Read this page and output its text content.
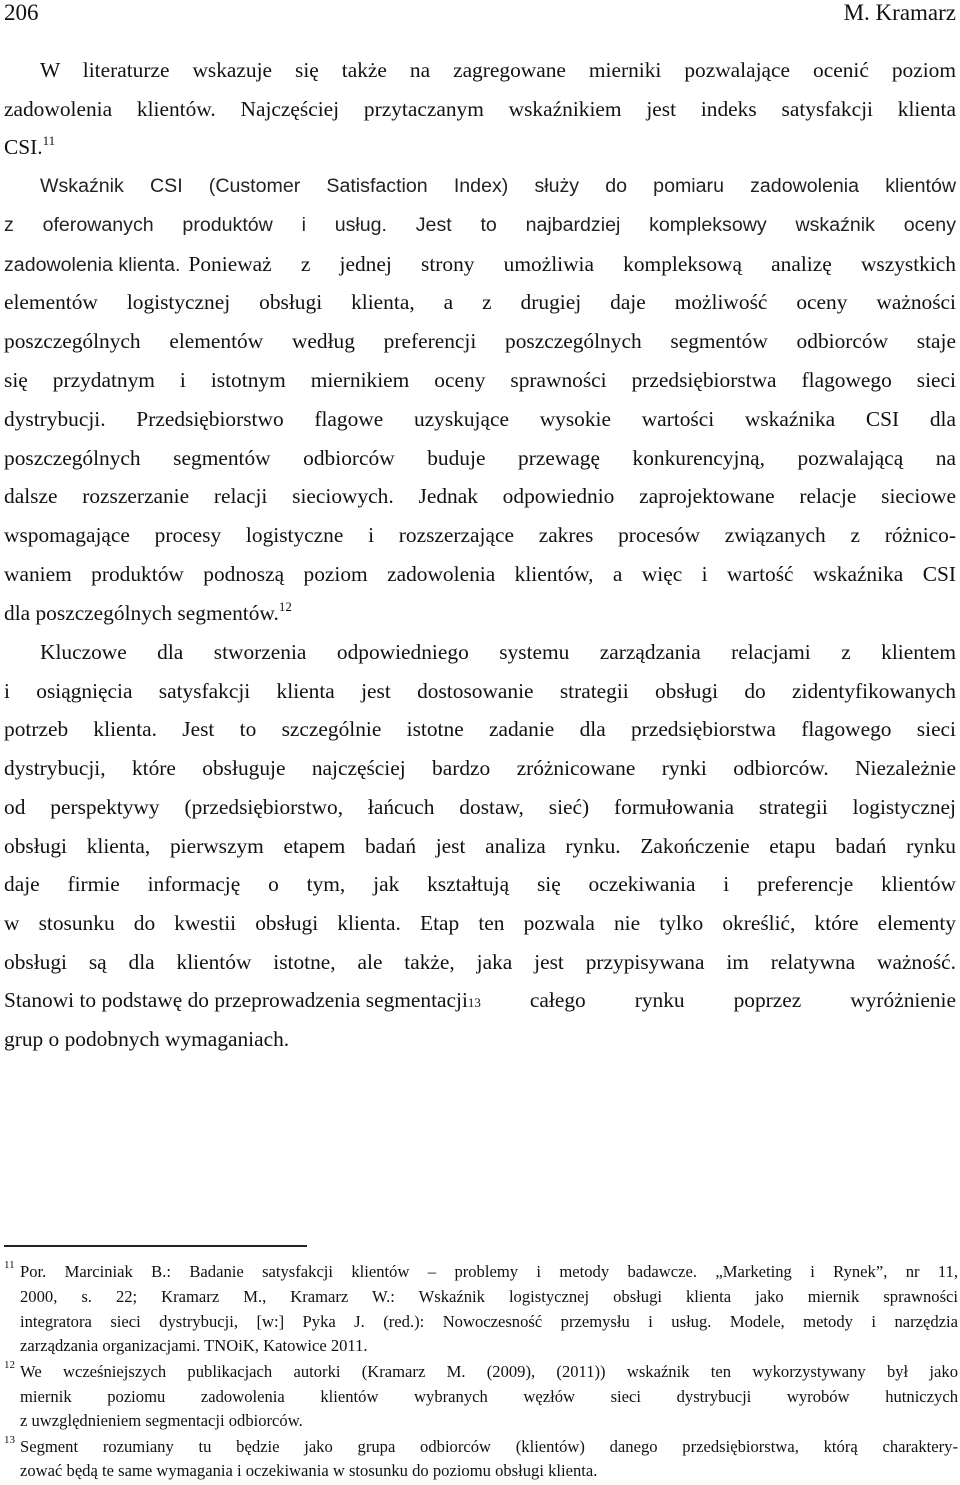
206	M. Kramarz
W literaturze wskazuje się także na zagregowane mierniki pozwalające ocenić poziom
zadowolenia klientów. Najczęściej przytaczanym wskaźnikiem jest indeks satysfakcji klienta
CSI.$^{11}$
Wskaźnik CSI (Customer Satisfaction Index) służy do pomiaru zadowolenia klientów
z oferowanych produktów i usług. Jest to najbardziej kompleksowy wskaźnik oceny
zadowolenia klienta. Ponieważ z jednej strony umożliwia kompleksową analizę wszystkich
elementów logistycznej obsługi klienta, a z drugiej daje możliwość oceny ważności
poszczególnych elementów według preferencji poszczególnych segmentów odbiorców staje
się przydatnym i istotnym miernikiem oceny sprawności przedsiębiorstwa flagowego sieci
dystrybucji. Przedsiębiorstwo flagowe uzyskujące wysokie wartości wskaźnika CSI dla
poszczególnych segmentów odbiorców buduje przewagę konkurencyjną, pozwalającą na
dalsze rozszerzanie relacji sieciowych. Jednak odpowiednio zaprojektowane relacje sieciowe
wspomagające procesy logistyczne i rozszerzające zakres procesów związanych z różnico-
waniem produktów podnoszą poziom zadowolenia klientów, a więc i wartość wskaźnika CSI
dla poszczególnych segmentów.$^{12}$
Kluczowe dla stworzenia odpowiedniego systemu zarządzania relacjami z klientem
i osiągnięcia satysfakcji klienta jest dostosowanie strategii obsługi do zidentyfikowanych
potrzeb klienta. Jest to szczególnie istotne zadanie dla przedsiębiorstwa flagowego sieci
dystrybucji, które obsługuje najczęściej bardzo zróżnicowane rynki odbiorców. Niezależnie
od perspektywy (przedsiębiorstwo, łańcuch dostaw, sieć) formułowania strategii logistycznej
obsługi klienta, pierwszym etapem badań jest analiza rynku. Zakończenie etapu badań rynku
daje firmie informację o tym, jak kształtują się oczekiwania i preferencje klientów
w stosunku do kwestii obsługi klienta. Etap ten pozwala nie tylko określić, które elementy
obsługi są dla klientów istotne, ale także, jaka jest przypisywana im relatywna ważność.
Stanowi to podstawę do przeprowadzenia segmentacji 13 całego rynku poprzez wyróżnienie
grup o podobnych wymaganiach.
11 Por. Marciniak B.: Badanie satysfakcji klientów – problemy i metody badawcze. „Marketing i Rynek”, nr 11,
2000, s. 22; Kramarz M., Kramarz W.: Wskaźnik logistycznej obsługi klienta jako miernik sprawności
integratora sieci dystrybucji, [w:] Pyka J. (red.): Nowoczesność przemysłu i usług. Modele, metody i narzędzia
zarządzania organizacjami. TNOiK, Katowice 2011.
12 We wcześniejszych publikacjach autorki (Kramarz M. (2009), (2011)) wskaźnik ten wykorzystywany był jako
miernik poziomu zadowolenia klientów wybranych węzłów sieci dystrybucji wyrobów hutniczych
z uwzględnieniem segmentacji odbiorców.
13 Segment rozumiany tu będzie jako grupa odbiorców (klientów) danego przedsiębiorstwa, którą charaktery-
zować będą te same wymagania i oczekiwania w stosunku do poziomu obsługi klienta.
